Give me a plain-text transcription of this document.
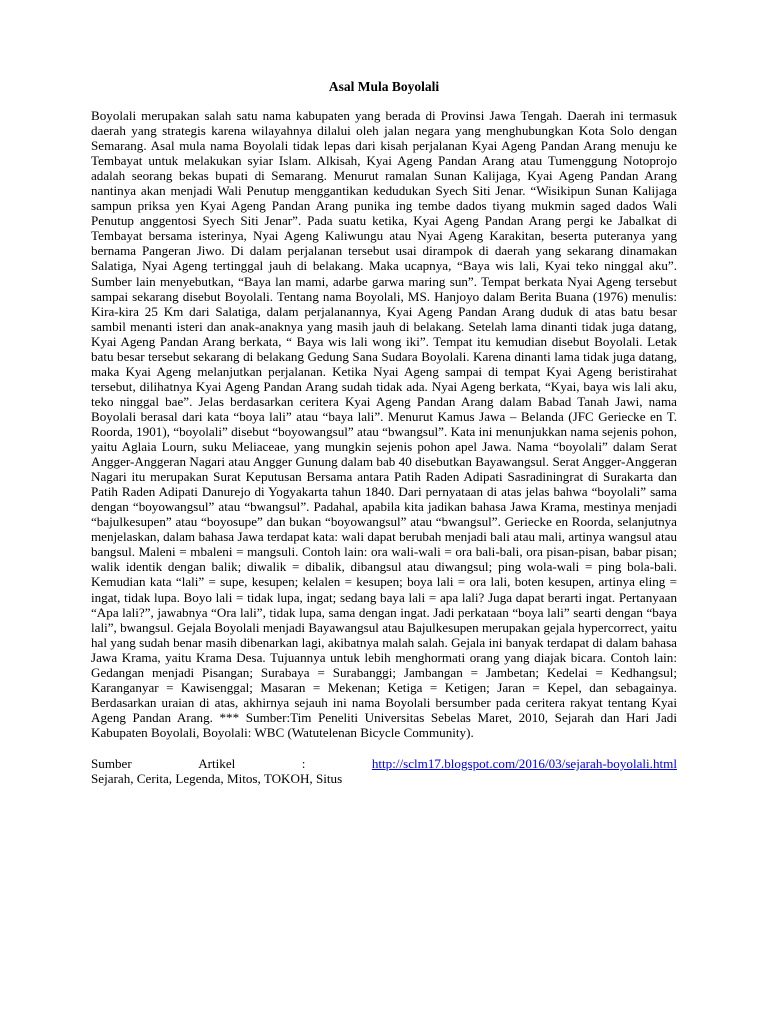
Asal Mula Boyolali

Boyolali merupakan salah satu nama kabupaten yang berada di Provinsi Jawa Tengah. Daerah ini termasuk daerah yang strategis karena wilayahnya dilalui oleh jalan negara yang menghubungkan Kota Solo dengan Semarang. Asal mula nama Boyolali tidak lepas dari kisah perjalanan Kyai Ageng Pandan Arang menuju ke Tembayat untuk melakukan syiar Islam. Alkisah, Kyai Ageng Pandan Arang atau Tumenggung Notoprojo adalah seorang bekas bupati di Semarang. Menurut ramalan Sunan Kalijaga, Kyai Ageng Pandan Arang nantinya akan menjadi Wali Penutup menggantikan kedudukan Syech Siti Jenar. “Wisikipun Sunan Kalijaga sampun priksa yen Kyai Ageng Pandan Arang punika ing tembe dados tiyang mukmin saged dados Wali Penutup anggentosi Syech Siti Jenar”. Pada suatu ketika, Kyai Ageng Pandan Arang pergi ke Jabalkat di Tembayat bersama isterinya, Nyai Ageng Kaliwungu atau Nyai Ageng Karakitan, beserta puteranya yang bernama Pangeran Jiwo. Di dalam perjalanan tersebut usai dirampok di daerah yang sekarang dinamakan Salatiga, Nyai Ageng tertinggal jauh di belakang. Maka ucapnya, “Baya wis lali, Kyai teko ninggal aku”. Sumber lain menyebutkan, “Baya lan mami, adarbe garwa maring sun”. Tempat berkata Nyai Ageng tersebut sampai sekarang disebut Boyolali. Tentang nama Boyolali, MS. Hanjoyo dalam Berita Buana (1976) menulis: Kira-kira 25 Km dari Salatiga, dalam perjalanannya, Kyai Ageng Pandan Arang duduk di atas batu besar sambil menanti isteri dan anak-anaknya yang masih jauh di belakang. Setelah lama dinanti tidak juga datang, Kyai Ageng Pandan Arang berkata, “ Baya wis lali wong iki”. Tempat itu kemudian disebut Boyolali. Letak batu besar tersebut sekarang di belakang Gedung Sana Sudara Boyolali. Karena dinanti lama tidak juga datang, maka Kyai Ageng melanjutkan perjalanan. Ketika Nyai Ageng sampai di tempat Kyai Ageng beristirahat tersebut, dilihatnya Kyai Ageng Pandan Arang sudah tidak ada. Nyai Ageng berkata, “Kyai, baya wis lali aku, teko ninggal bae”. Jelas berdasarkan ceritera Kyai Ageng Pandan Arang dalam Babad Tanah Jawi, nama Boyolali berasal dari kata “boya lali” atau “baya lali”. Menurut Kamus Jawa – Belanda (JFC Geriecke en T. Roorda, 1901), “boyolali” disebut “boyowangsul” atau “bwangsul”. Kata ini menunjukkan nama sejenis pohon, yaitu Aglaia Lourn, suku Meliaceae, yang mungkin sejenis pohon apel Jawa. Nama “boyolali” dalam Serat Angger-Anggeran Nagari atau Angger Gunung dalam bab 40 disebutkan Bayawangsul. Serat Angger-Anggeran Nagari itu merupakan Surat Keputusan Bersama antara Patih Raden Adipati Sasradiningrat di Surakarta dan Patih Raden Adipati Danurejo di Yogyakarta tahun 1840. Dari pernyataan di atas jelas bahwa “boyolali” sama dengan “boyowangsul” atau “bwangsul”. Padahal, apabila kita jadikan bahasa Jawa Krama, mestinya menjadi “bajulkesupen” atau “boyosupe” dan bukan “boyowangsul” atau “bwangsul”. Geriecke en Roorda, selanjutnya menjelaskan, dalam bahasa Jawa terdapat kata: wali dapat berubah menjadi bali atau mali, artinya wangsul atau bangsul. Maleni = mbaleni = mangsuli. Contoh lain: ora wali-wali = ora bali-bali, ora pisan-pisan, babar pisan; walik identik dengan balik; diwalik = dibalik, dibangsul atau diwangsul; ping wola-wali = ping bola-bali. Kemudian kata “lali” = supe, kesupen; kelalen = kesupen; boya lali = ora lali, boten kesupen, artinya eling = ingat, tidak lupa. Boyo lali = tidak lupa, ingat; sedang baya lali = apa lali? Juga dapat berarti ingat. Pertanyaan “Apa lali?”, jawabnya “Ora lali”, tidak lupa, sama dengan ingat. Jadi perkataan “boya lali” searti dengan “baya lali”, bwangsul. Gejala Boyolali menjadi Bayawangsul atau Bajulkesupen merupakan gejala hypercorrect, yaitu hal yang sudah benar masih dibenarkan lagi, akibatnya malah salah. Gejala ini banyak terdapat di dalam bahasa Jawa Krama, yaitu Krama Desa. Tujuannya untuk lebih menghormati orang yang diajak bicara. Contoh lain: Gedangan menjadi Pisangan; Surabaya = Surabanggi; Jambangan = Jambetan; Kedelai = Kedhangsul; Karanganyar = Kawisenggal; Masaran = Mekenan; Ketiga = Ketigen; Jaran = Kepel, dan sebagainya. Berdasarkan uraian di atas, akhirnya sejauh ini nama Boyolali bersumber pada ceritera rakyat tentang Kyai Ageng Pandan Arang. *** Sumber:Tim Peneliti Universitas Sebelas Maret, 2010, Sejarah dan Hari Jadi Kabupaten Boyolali, Boyolali: WBC (Watutelenan Bicycle Community).

Sumber	Artikel	:	http://sclm17.blogspot.com/2016/03/sejarah-boyolali.html

Sejarah, Cerita, Legenda, Mitos, TOKOH, Situs
